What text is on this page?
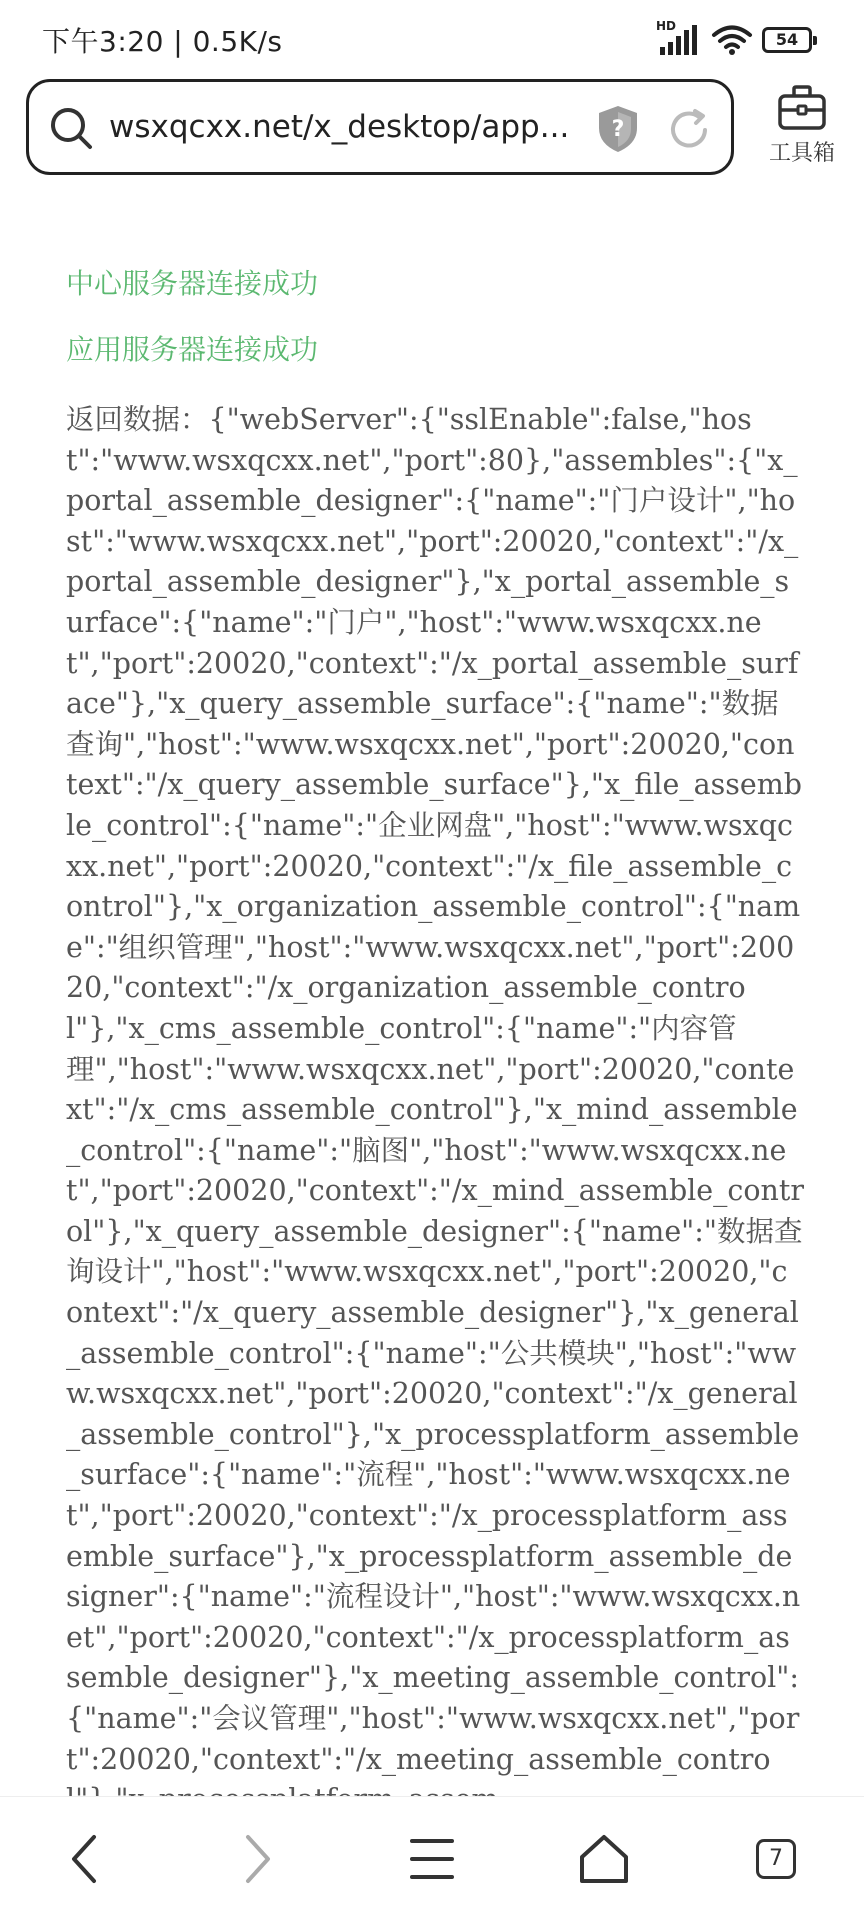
下午3:20 | 0.5K/s	HD
54
wsxqcxx.net/x_desktop/app...	?
工具箱

中心服务器连接成功

应用服务器连接成功

返回数据：{"webServer":{"sslEnable":false,"host":"www.wsxqcxx.net","port":80},"assembles":{"x_portal_assemble_designer":{"name":"门户设计","host":"www.wsxqcxx.net","port":20020,"context":"/x_portal_assemble_designer"},"x_portal_assemble_surface":{"name":"门户","host":"www.wsxqcxx.net","port":20020,"context":"/x_portal_assemble_surface"},"x_query_assemble_surface":{"name":"数据查询","host":"www.wsxqcxx.net","port":20020,"context":"/x_query_assemble_surface"},"x_file_assemble_control":{"name":"企业网盘","host":"www.wsxqcxx.net","port":20020,"context":"/x_file_assemble_control"},"x_organization_assemble_control":{"name":"组织管理","host":"www.wsxqcxx.net","port":20020,"context":"/x_organization_assemble_control"},"x_cms_assemble_control":{"name":"内容管理","host":"www.wsxqcxx.net","port":20020,"context":"/x_cms_assemble_control"},"x_mind_assemble_control":{"name":"脑图","host":"www.wsxqcxx.net","port":20020,"context":"/x_mind_assemble_control"},"x_query_assemble_designer":{"name":"数据查询设计","host":"www.wsxqcxx.net","port":20020,"context":"/x_query_assemble_designer"},"x_general_assemble_control":{"name":"公共模块","host":"www.wsxqcxx.net","port":20020,"context":"/x_general_assemble_control"},"x_processplatform_assemble_surface":{"name":"流程","host":"www.wsxqcxx.net","port":20020,"context":"/x_processplatform_assemble_surface"},"x_processplatform_assemble_designer":{"name":"流程设计","host":"www.wsxqcxx.net","port":20020,"context":"/x_processplatform_assemble_designer"},"x_meeting_assemble_control":{"name":"会议管理","host":"www.wsxqcxx.net","port":20020,"context":"/x_meeting_assemble_contro
7
